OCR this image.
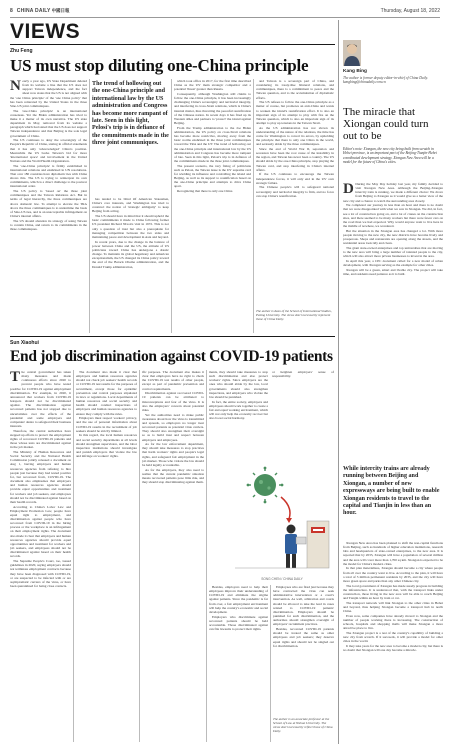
8 CHINA DAILY 中國日報	Thursday, August 18, 2022
VIEWS
Zhu Feng
US must stop diluting one-China principle
N early a year ago, US State Department deleted from its website a line that the US does not support Taiwan independence, and the fact sheet now states that the US is not aligned with the 'one China principle' of the 'one China policy' that has been reiterated by the United States in the three Sino-US joint communiques.

The 'one-China principle' is an international consensus. Yet the Biden administration has tried to make it a matter of its own narrative. The US state department in May, removed from its website a paragraph which had stated that the US does not support Taiwan independence and that Beijing is the sole legal government of China.

The US continues to deny the sovereignty of the People's Republic of China, stating in official statements that it has only 'acknowledged' China's position. Meanwhile the US backs Taiwan's bid for more 'international space' and involvement in the United Nations and the World Health Organization.

The 'one-China principle' is firmly established in international relations and enshrined in UN resolutions. That over 180 countries have diplomatic ties with China shows this. The US is trying to reinterpret its own commitments, which is a direct challenge to the postwar international order.

The US policy is 'based on' the three joint communiques and the Taiwan Relations Act. But in terms of legal hierarchy, the three communiques are above domestic law. To attempt to elevate the TRA above the three communiques is to undermine the basis of Sino-US ties, and is an unacceptable infringement on China's internal affairs.

The US should abandon its strategy of using Taiwan to contain China, and return to its commitments in the three communiques.

The trend of hollowing out the one-China principle and international law by the US administration and Congress has become more rampant of late. Seen in this light, Pelosi's trip is in defiance of the commitments made in the three joint communiques.

has tended to be blind Of American Statesmen, China's core interests, and Washington has tried to construct the notion of 'strategic ambiguity' to keep Beijing from acting.

The US should have in mind that it should uphold the basic commitments it made to China following former US president Richard Nixon's visit in 1972. This is not only a question of trust but also a prerequisite for managing competition between the two sides and maintaining peace and development in Asia and beyond.

In recent years, due to the change in the balance of power between China and the US, the attitude of US politicians toward China has undergone a drastic change. To maintain its global hegemony and American exceptionalism, the US changed its China policy toward the end of the Barack Obama administration, and the Donald Trump administration,

which took office in 2017, for the first time described China as the US' main strategic competitor and a potential 'threat' greater than Russia.

Consequently, although Washington still claims to follow the one-China principle, it has been increasingly challenging China's sovereignty and territorial integrity, and interfering in cross-Strait relations, which is China's internal matter, thus thwarting the peaceful reunification of the Chinese nation. In recent days it has fired up its Western allies and partners to 'protect' the island against Beijing.

From the Trump administration to the Joe Biden administration, the US policy on cross-Strait relations has become more restrictive, moving away from the basic norms enshrined in the three joint communiques toward the TRA and the US' The trend of hollowing out the one-China principle and international law by the US administration and Congress has become more rampant of late. Seen in this light, Pelosi's trip is in defiance of the commitments made in the three joint communiques.

The present scenario, the very fixing of politicians such as Pelosi, the Taiwan issue is the US' supreme card for wielding its influence and controlling the island and Beijing, as well as its support to reunification based on the one-China principle and attempts to drive China apart.

Recognizing that there is only one China

and Taiwan is a sovereign part of China, and considering its treaty-like bilateral relations, and communiques, there is a commitment to peace and the Taiwan question, and to the accumulation of diplomatic efforts.

The US refuses to follow the one-China principle as a matter of course, but promotes an anti-China and wants to weaken the island's reunification effort. It is also an important sign of its attempt to play with fire on the Taiwan question, which is also an important sign of its attempt to play up tensions in the Taiwan Strait.

As the US administration has not shown its understanding of the nature of the relations, the time has come for Washington to correct its errors, by upholding the principle that there is only one China in the world, and seriously abide by the three communiques.

Since the end of World War II, separation and secession have been the root cause of the instability in the region, and Taiwan has never been a country. The US should abide by the one-China principle, stop playing the Taiwan card, and stop interfering in China's internal affairs.

If the US continues to encourage the Taiwan independence forces, it will only end in the US' own strategic failure.

The Chinese people's will to safeguard national sovereignty and territorial integrity is firm, and no force can stop China's reunification.

The author is dean of the School of International Studies, Peking University. The views don't necessarily represent those of China Daily.
Sun Xiaohui
End job discrimination against COVID-19 patients
T he central government has taken many measures and made continuous efforts since 2020 to prevent people who have tested positive for COVID-19 against employment discrimination. For example, in 2020, it announced that workers from COVID-19 hotspots should not be discriminated against. The discrimination against recovered patients has not stopped due to uncertainties over the effects of the pandemic and some employers and companies' desire to safeguard their business interests.

Therefore, the central authorities have stepped up efforts to protect the employment rights of recovered COVID-19 patients and those whose tests are discriminated against in the job market.

The Ministry of Human Resources and Social Security and the National Health Commission jointly released a document on Aug 1, barring employers and human resources agencies from refusing to hire people just because they had tested positive for, but recovered from, COVID-19. The document also emphasizes that employers and human resources agencies should provide equal opportunities and treatment for workers and job seekers, and employees should not be discriminated against based on their health records.

According to China's Labor Law and Employment Promotion Law, people have equal right to employment, and discrimination against people who have recovered from COVID-19 in the hiring process or the workplace is an infringement on their employment rights. The document also made it clear that employers and human resources agencies should provide equal opportunities and treatment for workers and job seekers, and employees should not be discriminated against based on their health records.

The Supreme People's Court, too, issued guidelines in 2020, saying employers should not terminate employment contracts because they have been diagnosed with COVID-19, or are suspected to be infected with or are asymptomatic carriers of the virus, or have been quarantined for being close contacts.

The document also made it clear that employers and human resources agencies should not check job seekers' health records or COVID-19 test results for the purposes of recruitment, except those for epidemic prevention and control purposes stipulated in laws or regulations. Local departments of human resources and social security and health should conduct inspections of employers and human resources agencies to ensure they comply with the rules.

Employers must respect workers' privacy, and the use of personal information about COVID-19 results in the recruitment of job seekers should be strictly limited.

In this regard, the local human resources and social security departments at all levels should strengthen supervision, and the labor inspection institutions should investigate and punish employers that violate the law and infringe on workers' rights.

ific purposes. The document also makes it clear that employers have no right to check the COVID-19 test results of other people, except as part of pandemic prevention and control requirements.

Discrimination against recovered COVID-19 patients can be attributed to misconceptions and fear of the virus. It is also the employers' concern about potential risks.

Yet the authorities need to make public awareness about how the virus is transmitted and spreads, so employers no longer treat recovered patients as potential virus carriers. They should also strengthen their oversight so as to build trust and respect between employers and employees.

As for the law enforcement department, they should take measures to stop practices that harm workers' rights and people's legal rights, and safeguard fair employment in the job market. Those who violate the law should be held legally accountable.

As for the employers, they also need to realize that the current pandemic situation means recovered patients pose little risk, and they should stop discriminating against them.

SONG CHEN / CHINA DAILY

ments, they should take measures to stop such discrimination and also protect workers' rights. Since employers are the ones who should abide by the law, local governments should also strengthen inspections, and employers who violate the law should be punished.

In fact, the entire society, employers and employees should work together to create a fair and equal working environment, which will not only help the economy recover but also boost social harmony.

Besides, employers need to help their employees improve their understanding of COVID-19 and eliminate the stigma against patients. Since the pandemic is far from over, a fair employment environment will help the country's economic and social development.

Employers who discriminate against recovered patients should be held accountable. Those discriminated against can file lawsuits to protect their rights.

or heighten employers' sense of responsibility.

Employees who are fired just because they have contracted the virus can seek administrative intervention or a court's intervention. As well, arbitration and courts should be allowed to take the lead in cases related to COVID-19 patients' discrimination. Employers should be punished for such discrimination, and the authorities should strengthen oversight of employers' recruitment practices.

Besides, recovered COVID-19 patients should be treated the same as other employees and job seekers; they deserve equal rights and should not be singled out for discrimination.

The author is an associate professor at the School of Law at Wuhan University. The views don't necessarily reflect those of China Daily.
Kang Bing
The author is former deputy editor-in-chief of China Daily. kangbing@chinadaily.com.cn
The miracle that Xiongan could turn out to be
Editor's note: Xiongan, the new city being built from scratch in Hebei province, is an important part of the Beijing-Tianjin-Hebei coordinated development strategy. Xiongan New Area will be a model for the future of China's cities.
D During the May Day holiday last year, my family decided to visit Xiongan New Area. Although the Beijing-Xiongan intercity train is running, we made a different choice: We drove from Beijing to Xiongan as it would give us a better view of the new city and a chance to watch the surrounding area closely.

We completed our journey in less than an hour and there is no doubt that we were disappointed with what we saw in Xiongan. We did, in fact, see a lot of construction going on, and a lot of cranes on the construction sites, and there seemed to be many workers but there were fewer cars on the road than we had expected. Why would anyone want to live here in the middle of nowhere, we wondered.

But the situation in the Xiongan area has changed a lot. With more people moving to the new city, the new districts have become lively and prosperous. Shops and restaurants are opening along the streets, and the residential areas look tidy and clean.

The giant state-owned enterprises and top universities that are moving to the new area will bring a large number of talented people to the city, which will also attract more private businesses to invest in the area.

In April this year, a CPC document called for a new model of urban development, with Xiongan serving as the example for other cities.

Xiongan will be a green, smart and livable city. The project will take time, and residents need patience as it is built.

While intercity trains are already running between Beijing and Xiongan, a number of new expressways are being built to enable Xiongan residents to travel to the capital and Tianjin in less than an hour.

Xiongan New Area has been planned to shift the non-capital functions from Beijing, such as hundreds of higher education institutions, research labs and headquarters of state-owned enterprises, to the new area. It is reported that by 2035, Xiongan will have a population of several million and the area will cover more than 1,700 sq km. Xiongan is expected to be the model for China's modern cities.

In that plan materializes, Xiongan should become a city where people from all over the country want to live. According to the plan, it will have a total of 3 million permanent residents by 2035, and the city will have more green space and parks than any other Chinese city.

The local government of Xiongan has made steady progress in building the infrastructure. It is understood that, with the transport links under construction, those living in the new area will be able to reach Beijing and Tianjin within an hour by train or car.

The transport network will link Xiongan to the other cities in Hebei and beyond, thus helping Xiongan become a transport hub in north China.

Even now, some companies have already moved to Xiongan and the number of people working there is increasing. The construction of schools, hospitals and shopping malls will make Xiongan a more attractive place to live.

The Xiongan project is a test of the country's capability of building a new city from scratch. If it succeeds, it will provide a model for other cities in the world.

It may take years for the new area to become a modern city, but there is no doubt that Xiongan will one day become a miracle.
